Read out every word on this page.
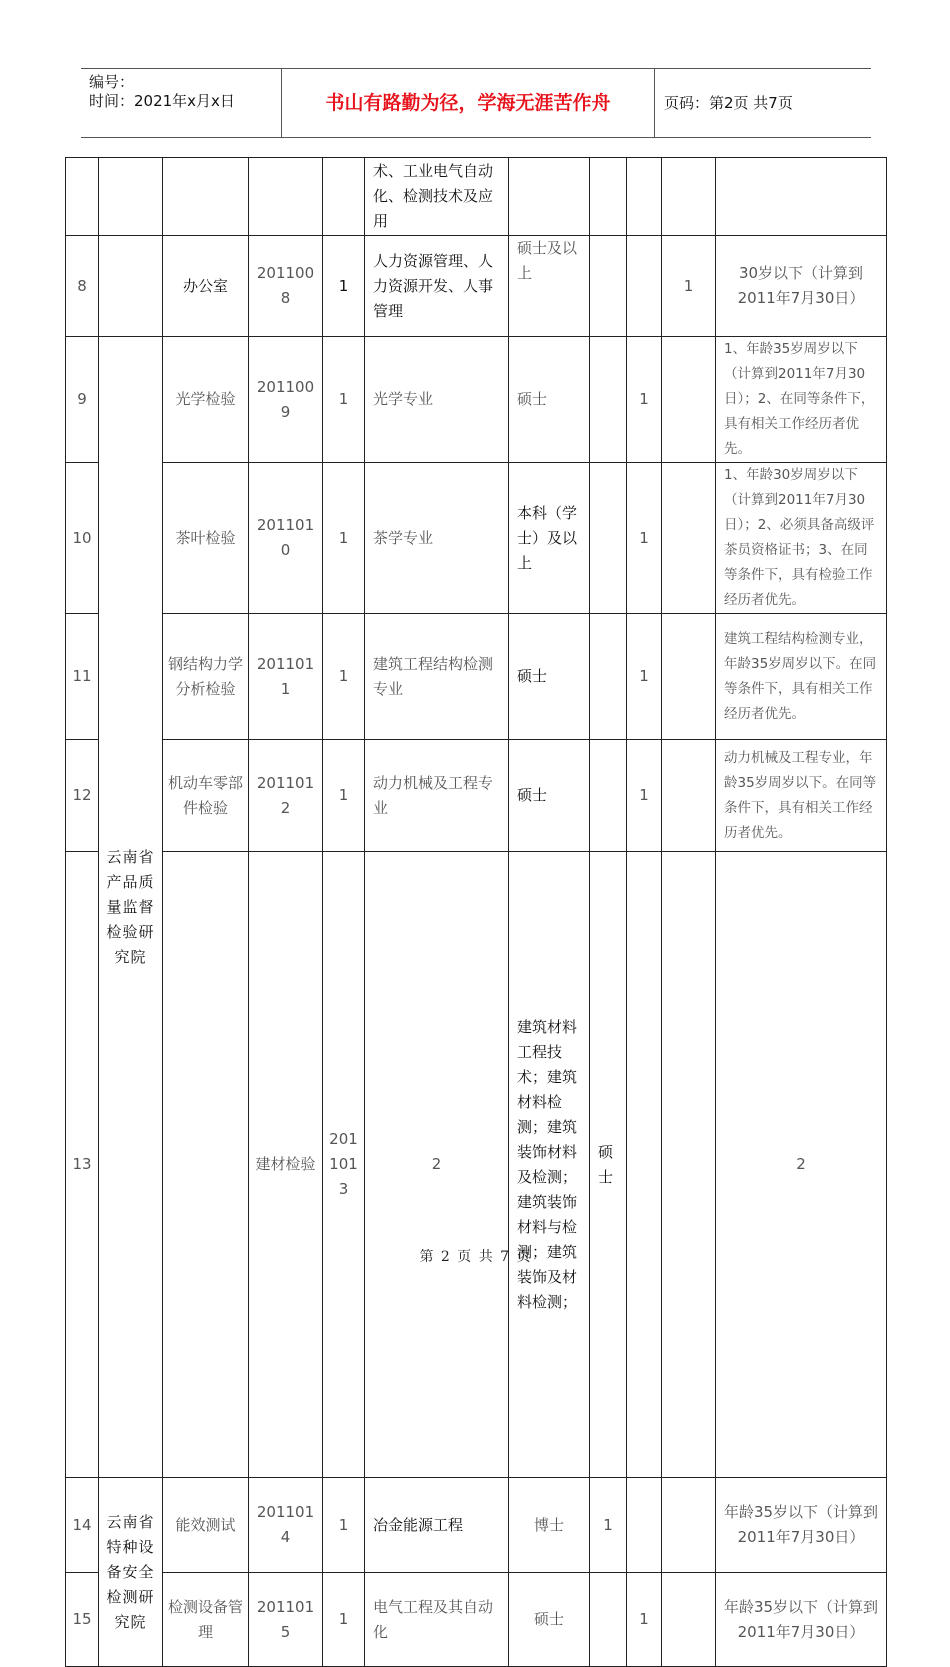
编号：
时间：2021年x月x日	书山有路勤为径，学海无涯苦作舟	页码：第2页 共7页
					术、工业电气自动化、检测技术及应用						
8		办公室	2011008	1	人力资源管理、人力资源开发、人事管理	硕士及以上			1	30岁以下（计算到2011年7月30日）	
9	云南省产品质量监督检验研究院	光学检验	2011009	1	光学专业	硕士		1		1、年龄35岁周岁以下（计算到2011年7月30日）；2、在同等条件下，具有相关工作经历者优先。	
10		茶叶检验	2011010	1	茶学专业	本科（学士）及以上		1		1、年龄30岁周岁以下（计算到2011年7月30日）；2、必须具备高级评茶员资格证书；3、在同等条件下，具有检验工作经历者优先。	
11		钢结构力学分析检验	2011011	1	建筑工程结构检测专业	硕士		1		建筑工程结构检测专业，年龄35岁周岁以下。在同等条件下，具有相关工作经历者优先。	
12		机动车零部件检验	2011012	1	动力机械及工程专业	硕士		1		动力机械及工程专业，年龄35岁周岁以下。在同等条件下，具有相关工作经历者优先。	
13			建材检验	2011013	2	建筑材料工程技术；建筑材料检测；建筑装饰材料及检测；建筑装饰材料与检测；建筑装饰及材料检测；	硕士			2	
14	云南省特种设备安全检测研究院	能效测试	2011014	1	冶金能源工程	博士	1			年龄35岁以下（计算到2011年7月30日）	
15		检测设备管理	2011015	1	电气工程及其自动化	硕士		1		年龄35岁以下（计算到2011年7月30日）	
第 2 页 共 7 页
